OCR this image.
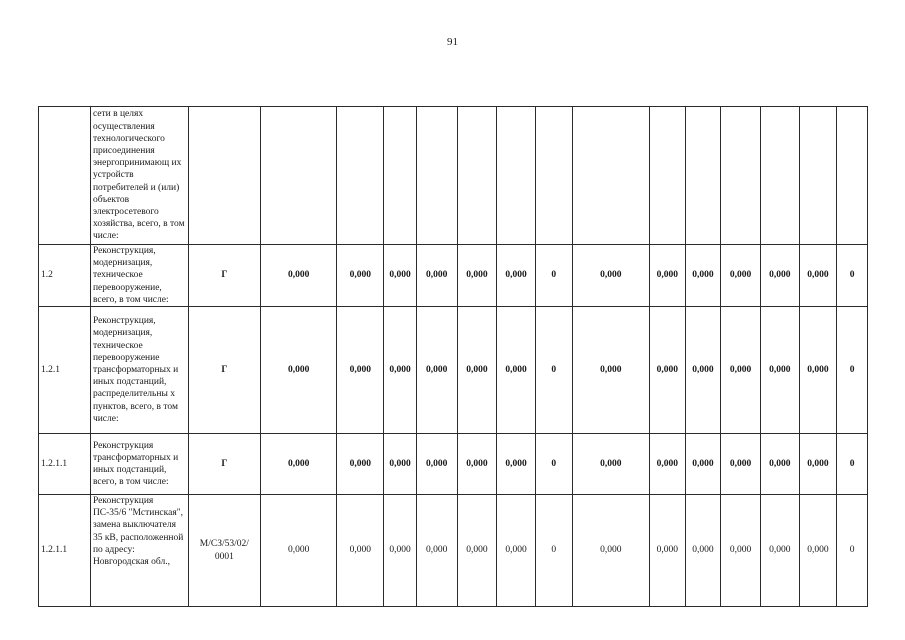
91
	сети в целях осуществления технологического присоединения энергопринимающ их устройств потребителей и (или) объектов электросетевого хозяйства, всего, в том числе:															
1.2	Реконструкция, модернизация, техническое перевооружение, всего, в том числе:	Г	0,000	0,000	0,000	0,000	0,000	0,000	0	0,000	0,000	0,000	0,000	0,000	0,000	0
1.2.1	Реконструкция, модернизация, техническое перевооружение трансформаторных и иных подстанций, распределительны х пунктов, всего, в том числе:	Г	0,000	0,000	0,000	0,000	0,000	0,000	0	0,000	0,000	0,000	0,000	0,000	0,000	0
1.2.1.1	Реконструкция трансформаторных и иных подстанций, всего, в том числе:	Г	0,000	0,000	0,000	0,000	0,000	0,000	0	0,000	0,000	0,000	0,000	0,000	0,000	0
1.2.1.1	Реконструкция ПС-35/6 "Мстинская", замена выключателя 35 кВ, расположенной по адресу: Новгородская обл.,	М/СЗ/53/02/ 0001	0,000	0,000	0,000	0,000	0,000	0,000	0	0,000	0,000	0,000	0,000	0,000	0,000	0
